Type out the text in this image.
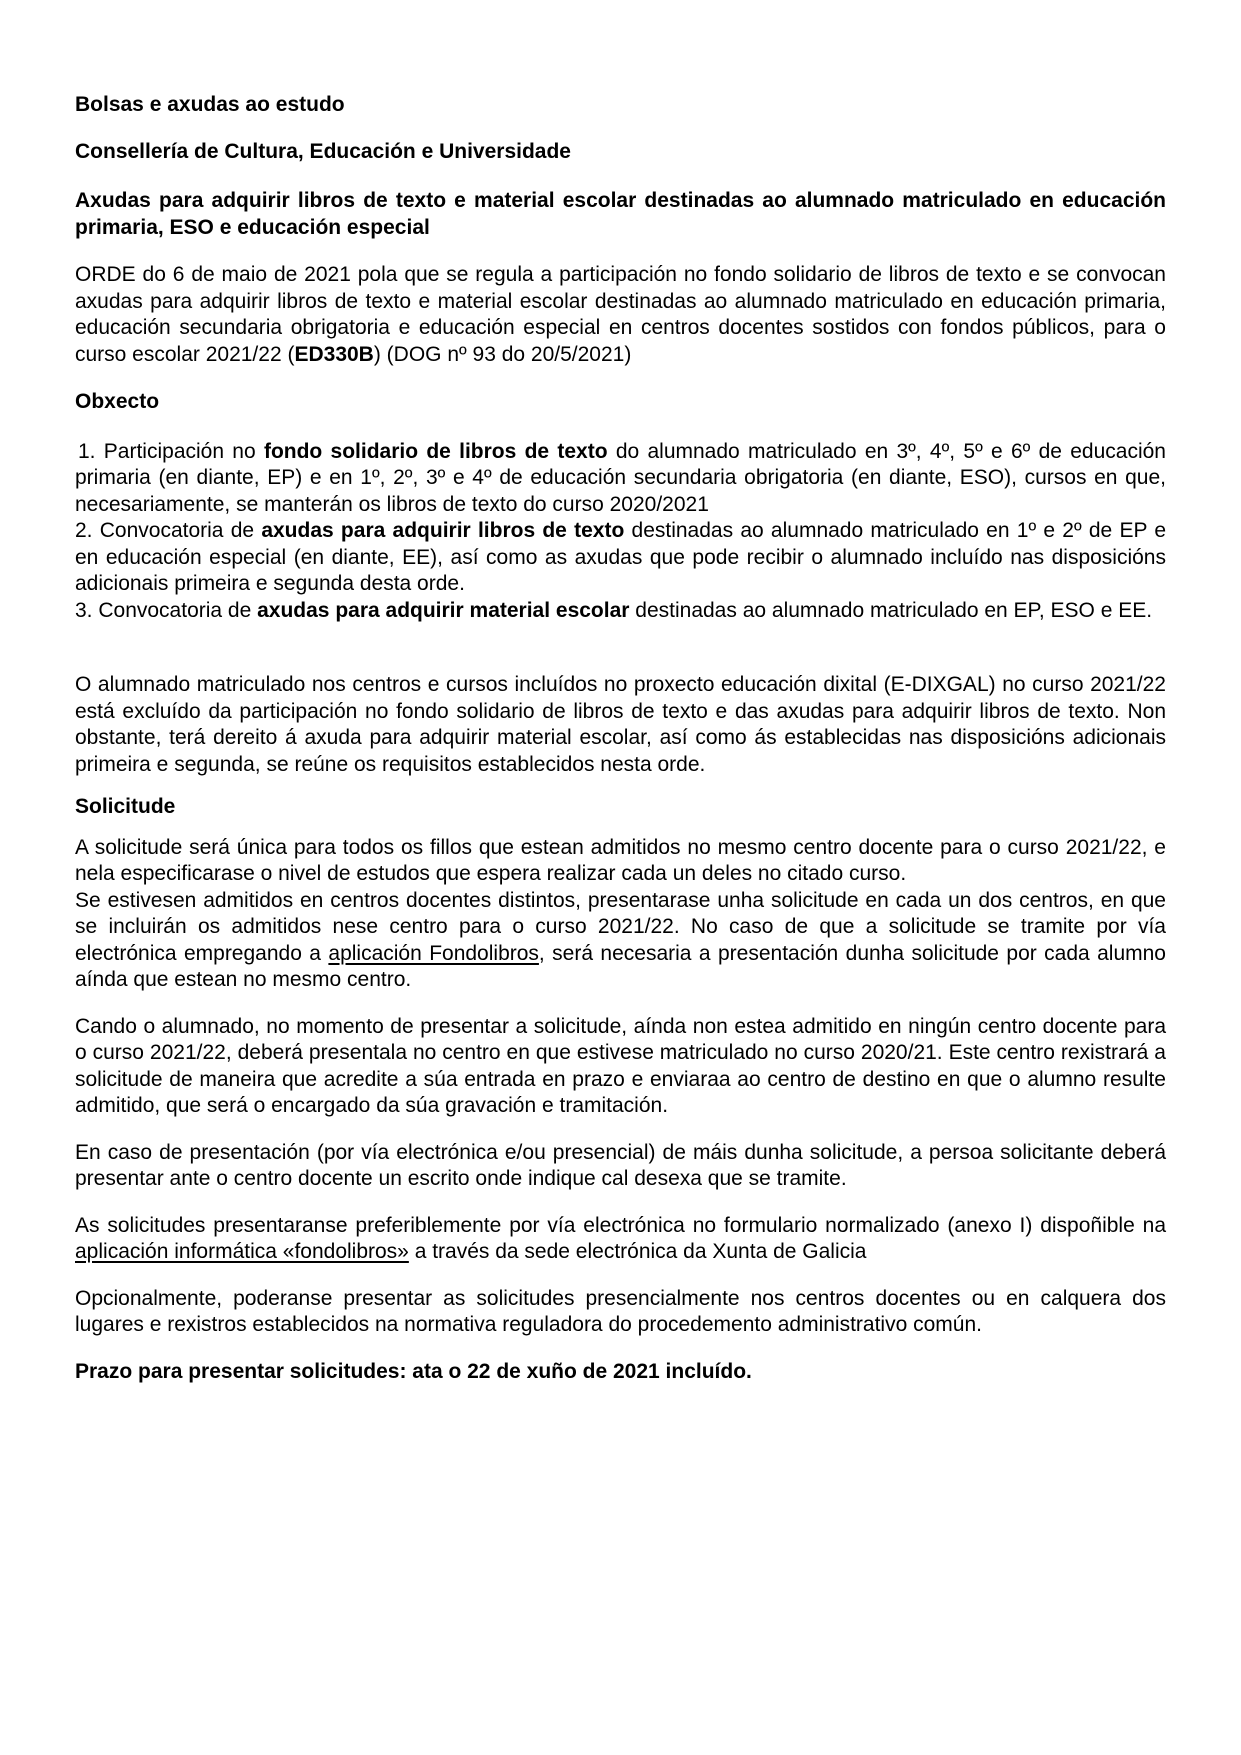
Bolsas e axudas ao estudo

Consellería de Cultura, Educación e Universidade

Axudas para adquirir libros de texto e material escolar destinadas ao alumnado matriculado en educación primaria, ESO e educación especial

ORDE do 6 de maio de 2021 pola que se regula a participación no fondo solidario de libros de texto e se convocan axudas para adquirir libros de texto e material escolar destinadas ao alumnado matriculado en educación primaria, educación secundaria obrigatoria e educación especial en centros docentes sostidos con fondos públicos, para o curso escolar 2021/22 (ED330B) (DOG nº 93 do 20/5/2021)

Obxecto

1. Participación no fondo solidario de libros de texto do alumnado matriculado en 3º, 4º, 5º e 6º de educación primaria (en diante, EP) e en 1º, 2º, 3º e 4º de educación secundaria obrigatoria (en diante, ESO), cursos en que, necesariamente, se manterán os libros de texto do curso 2020/2021

2. Convocatoria de axudas para adquirir libros de texto destinadas ao alumnado matriculado en 1º e 2º de EP e en educación especial (en diante, EE), así como as axudas que pode recibir o alumnado incluído nas disposicións adicionais primeira e segunda desta orde.

3. Convocatoria de axudas para adquirir material escolar destinadas ao alumnado matriculado en EP, ESO e EE.

O alumnado matriculado nos centros e cursos incluídos no proxecto educación dixital (E-DIXGAL) no curso 2021/22 está excluído da participación no fondo solidario de libros de texto e das axudas para adquirir libros de texto. Non obstante, terá dereito á axuda para adquirir material escolar, así como ás establecidas nas disposicións adicionais primeira e segunda, se reúne os requisitos establecidos nesta orde.

Solicitude

A solicitude será única para todos os fillos que estean admitidos no mesmo centro docente para o curso 2021/22, e nela especificarase o nivel de estudos que espera realizar cada un deles no citado curso.

Se estivesen admitidos en centros docentes distintos, presentarase unha solicitude en cada un dos centros, en que se incluirán os admitidos nese centro para o curso 2021/22. No caso de que a solicitude se tramite por vía electrónica empregando a aplicación Fondolibros, será necesaria a presentación dunha solicitude por cada alumno aínda que estean no mesmo centro.

Cando o alumnado, no momento de presentar a solicitude, aínda non estea admitido en ningún centro docente para o curso 2021/22, deberá presentala no centro en que estivese matriculado no curso 2020/21. Este centro rexistrará a solicitude de maneira que acredite a súa entrada en prazo e enviaraa ao centro de destino en que o alumno resulte admitido, que será o encargado da súa gravación e tramitación.

En caso de presentación (por vía electrónica e/ou presencial) de máis dunha solicitude, a persoa solicitante deberá presentar ante o centro docente un escrito onde indique cal desexa que se tramite.

As solicitudes presentaranse preferiblemente por vía electrónica no formulario normalizado (anexo I) dispoñible na aplicación informática «fondolibros» a través da sede electrónica da Xunta de Galicia

Opcionalmente, poderanse presentar as solicitudes presencialmente nos centros docentes ou en calquera dos lugares e rexistros establecidos na normativa reguladora do procedemento administrativo común.

Prazo para presentar solicitudes: ata o 22 de xuño de 2021 incluído.
